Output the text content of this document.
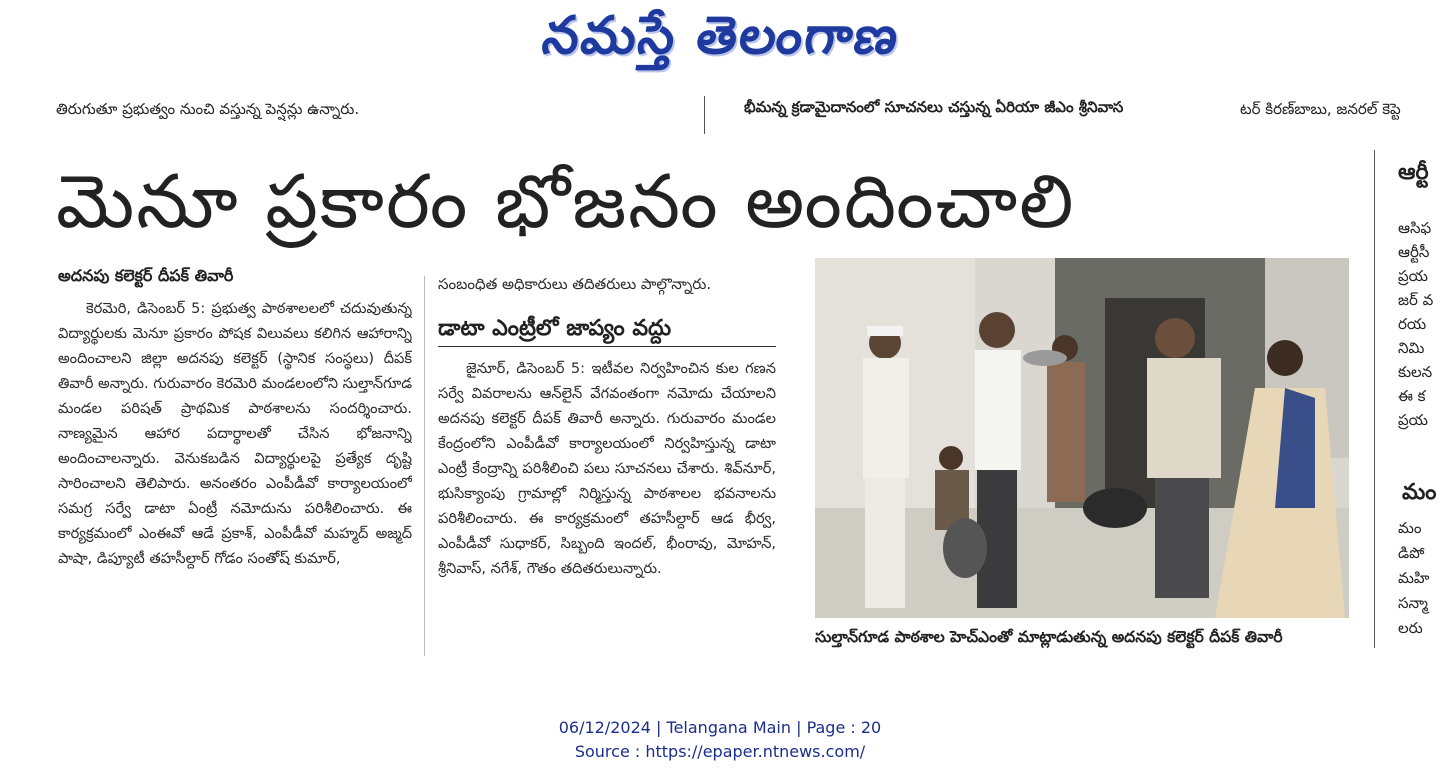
నమస్తే తెలంగాణ
తిరుగుతూ ప్రభుత్వం నుంచి వస్తున్న పెన్షన్లు ఉన్నారు.	భీమన్న క్రడామైదానంలో సూచనలు చస్తున్న ఏరియా జీఎం శ్రీనివాస	టర్ కిరణ్‌బాబు, జనరల్ కెప్టె
మెనూ ప్రకారం భోజనం అందించాలి
అదనపు కలెక్టర్ దీపక్ తివారీ

కెరమెరి, డిసెంబర్ 5: ప్రభుత్వ పాఠశాలలలో చదువుతున్న విద్యార్థులకు మెనూ ప్రకారం పోషక విలువలు కలిగిన ఆహారాన్ని అందించాలని జిల్లా అదనపు కలెక్టర్ (స్థానిక సంస్థలు) దీపక్ తివారీ అన్నారు. గురువారం కెరమెరి మండలంలోని సుల్తాన్‌గూడ మండల పరిషత్ ప్రాథమిక పాఠశాలను సందర్శించారు. నాణ్యమైన ఆహార పదార్థాలతో చేసిన భోజనాన్ని అందించాలన్నారు. వెనుకబడిన విద్యార్థులపై ప్రత్యేక దృష్టి సారించాలని తెలిపారు. అనంతరం ఎంపీడీవో కార్యాలయంలో సమగ్ర సర్వే డాటా ఏంట్రీ నమోదును పరిశీలించారు. ఈ కార్యక్రమంలో ఎంఈవో ఆడే ప్రకాశ్, ఎంపీడీవో మహ్మద్ అజ్మద్ పాషా, డిప్యూటీ తహసీల్దార్ గోడం సంతోష్ కుమార్,

సంబంధిత అధికారులు తదితరులు పాల్గొన్నారు.
డాటా ఎంట్రీలో జాప్యం వద్దు

జైనూర్, డిసెంబర్ 5: ఇటీవల నిర్వహించిన కుల గణన సర్వే వివరాలను ఆన్‌లైన్ వేగవంతంగా నమోదు చేయాలని అదనపు కలెక్టర్ దీపక్ తివారీ అన్నారు. గురువారం మండల కేంద్రంలోని ఎంపీడీవో కార్యాలయంలో నిర్వహిస్తున్న డాటా ఎంట్రీ కేంద్రాన్ని పరిశీలించి పలు సూచనలు చేశారు. శివ్‌నూర్, భుసిక్యాంపు గ్రామాల్లో నిర్మిస్తున్న పాఠశాలల భవనాలను పరిశీలించారు. ఈ కార్యక్రమంలో తహసీల్దార్ ఆడ భీర్వ, ఎంపీడీవో సుధాకర్, సిబ్బంది ఇందల్, భీంరావు, మోహన్, శ్రీనివాస్, నగేశ్, గౌతం తదితరులున్నారు.

సుల్తాన్‌గూడ పాఠశాల హెచ్‌ఎంతో మాట్లాడుతున్న అదనపు కలెక్టర్ దీపక్ తివారీ
ఆర్టీ
ఆసిఫ
ఆర్టీసీ
ప్రయ
జర్ వ
రయ
నిమి
కులన
ఈ క
ప్రయ
మం
మం
డిపో
మహి
సన్మా
లరు
06/12/2024 | Telangana Main | Page : 20
Source : https://epaper.ntnews.com/
